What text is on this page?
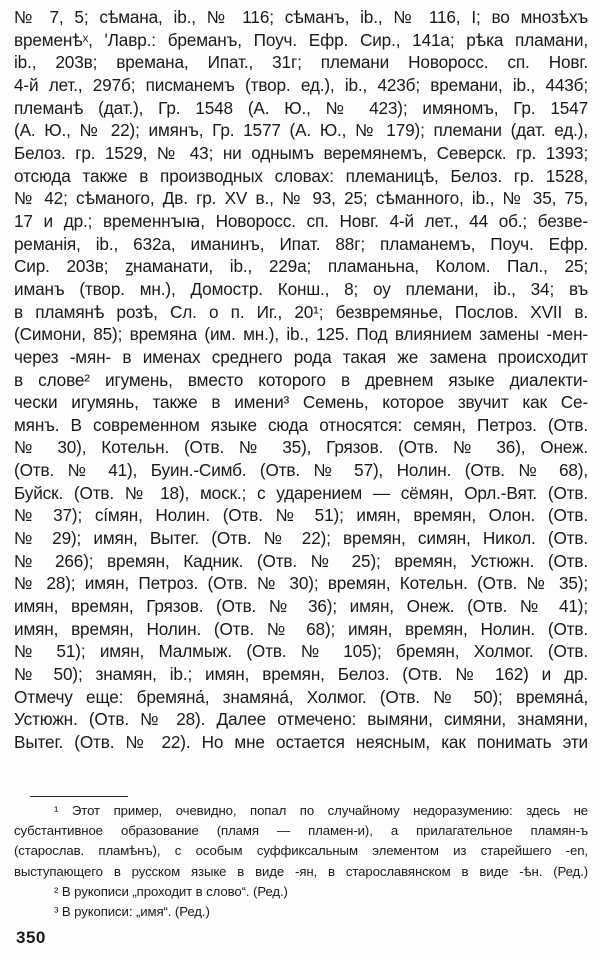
№ 7, 5; сѣмана, ib., № 116; сѣманъ, ib., № 116, I; во мнозѣхъ
временѣˣ, ʹЛавр.: бреманъ, Поуч. Ефр. Сир., 141а; рѣка пламани,
ib., 203в; времана, Ипат., 31г; племани Новоросс. сп. Новг.
4-й лет., 297б; писманемъ (твор. ед.), ib., 423б; времани, ib., 443б;
племанѣ (дат.), Гр. 1548 (А. Ю., № 423); имяномъ, Гр. 1547
(А. Ю., № 22); имянъ, Гр. 1577 (А. Ю., № 179); племани (дат. ед.),
Белоз. гр. 1529, № 43; ни однымъ веремянемъ, Северск. гр. 1393;
отсюда также в производных словах: племаницѣ, Белоз. гр. 1528,
№ 42; сѣманого, Дв. гр. XV в., № 93, 25; сѣманного, ib., № 35, 75,
17 и др.; временнꙑꙗ, Новоросс. сп. Новг. 4-й лет., 44 об.; безвe-
реманія, ib., 632а, иманинъ, Ипат. 88г; пламанемъ, Поуч. Ефр.
Сир. 203в; ꙁнаманати, ib., 229а; пламаньна, Колом. Пал., 25;
иманъ (твор. мн.), Домостр. Конш., 8; оу племани, ib., 34; въ
в пламянѣ розѣ, Сл. о п. Иг., 20¹; безвремянье, Послов. XVII в.
(Симони, 85); времяна (им. мн.), ib., 125. Под влиянием замены -мен-
через -мян- в именах среднего рода такая же замена происходит
в слове² игумень, вместо которого в древнем языке диалекти-
чески игумянь, также в имени³ Семень, которое звучит как Се-
мянъ. В современном языке сюда относятся: семян, Петроз. (Отв.
№ 30), Котельн. (Отв. № 35), Грязов. (Отв. № 36), Онеж.
(Отв. № 41), Буин.-Симб. (Отв. № 57), Нолин. (Отв. № 68),
Буйск. (Отв. № 18), моск.; с ударением — сёмян, Орл.-Вят. (Отв.
№ 37); сíмян, Нолин. (Отв. № 51); имян, времян, Олон. (Отв.
№ 29); имян, Вытег. (Отв. № 22); времян, симян, Никол. (Отв.
№ 266); времян, Кадник. (Отв. № 25); времян, Устюжн. (Отв.
№ 28); имян, Петроз. (Отв. № 30); времян, Котельн. (Отв. № 35);
имян, времян, Грязов. (Отв. № 36); имян, Онеж. (Отв. № 41);
имян, времян, Нолин. (Отв. № 68); имян, времян, Нолин. (Отв.
№ 51); имян, Малмыж. (Отв. № 105); бремян, Холмог. (Отв.
№ 50); знамян, ib.; имян, времян, Белоз. (Отв. № 162) и др.
Отмечу еще: бремяна́, знамяна́, Холмог. (Отв. № 50); времяна́,
Устюжн. (Отв. № 28). Далее отмечено: вымяни, симяни, знамяни,
Вытег. (Отв. № 22). Но мне остается неясным, как понимать эти
¹ Этот пример, очевидно, попал по случайному недоразумению: здесь не
субстантивное образование (пламя — пламен-и), а прилагательное пламян-ъ
(старослав. пламѣнъ), с особым суффиксальным элементом из старейшего -еn,
выступающего в русском языке в виде -ян, в старославянском в виде -ѣн. (Ред.)
² В рукописи „проходит в слово“. (Ред.)
³ В рукописи: „имя“. (Ред.)
350
